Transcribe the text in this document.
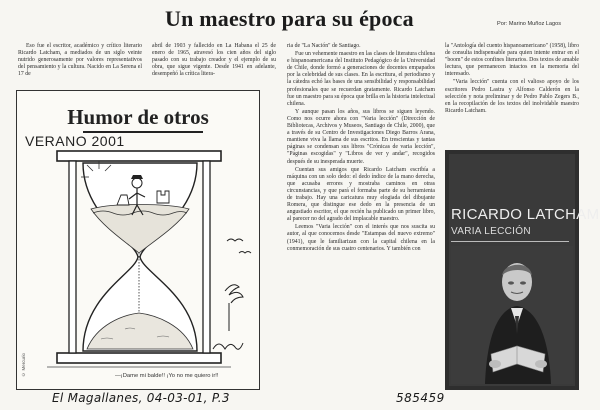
Un maestro para su época	Por: Marino Muñoz Lagos

Eso fue el escritor, académico y crítico literario Ricardo Latcham, a mediados de un siglo veinte nutrido generosamente por valores representativos del pensamiento y la cultura. Nacido en La Serena el 17 de

abril de 1903 y fallecido en La Habana el 25 de enero de 1965, atravesó los cien años del siglo pasado con su trabajo creador y el ejemplo de su obra, que sigue vigente. Desde 1941 en adelante, desempeñó la crítica litera-

ria de "La Nación" de Santiago.

Fue un vehemente maestro en las clases de literatura chilena e hispanoamericana del Instituto Pedagógico de la Universidad de Chile, donde formó a generaciones de docentes empapados por la celebridad de sus clases. En la escritura, el periodismo y la cátedra echó las bases de una sensibilidad y responsabilidad profesionales que se recuerdan gratamente. Ricardo Latcham fue un maestro para su época que brilla en la historia intelectual chilena.

Y aunque pasan los años, sus libros se siguen leyendo. Como nos ocurre ahora con "Varia lección" (Dirección de Bibliotecas, Archivos y Museos, Santiago de Chile, 2000), que a través de su Centro de Investigaciones Diego Barros Arana, mantiene viva la llama de sus escritos. En trescientas y tantas páginas se condensan sus libros "Crónicas de varia lección", "Páginas escogidas" y "Libros de ver y andar", recogidos después de su inesperada muerte.

Cuentan sus amigos que Ricardo Latcham escribía a máquina con un solo dedo: el dedo índice de la mano derecha, que acusaba errores y mostraba caminos en otras circunstancias, y que pará el formaba parte de su herramienta de trabajo. Hay una caricatura muy elogiada del dibujante Romera, que distingue ese dedo en la presencia de un angustiado escritor, el que recién ha publicado un primer libro, al parecer no del agrado del implacable maestro.

Leemos "Varia lección" con el interés que nos suscita su autor, al que conocemos desde "Estampas del nuevo extremo" (1941), que le familiarizan con la capital chilena en la conmemoración de sus cuatro centenarios. Y también con

la "Antología del cuento hispanoamericano" (1958), libro de consulta indispensable para quien intente entrar en el "boom" de estos confines literarios. Dos textos de amable lectura, que permanecen intactos en la memoria del interesado.

"Varia lección" cuenta con el valioso apoyo de los escritores Pedro Lastra y Alfonso Calderón en la selección y nota preliminar y de Pedro Pablo Zegers B., en la recopilación de los textos del inolvidable maestro Ricardo Latcham.

Humor de otros
VERANO 2001
© Mercurio	—¡Dame mi balde!! ¡Yo no me quiero ir!!
RICARDO LATCHAM
VARIA LECCIÓN
El Magallanes, 04-03-01, P.3	585459
